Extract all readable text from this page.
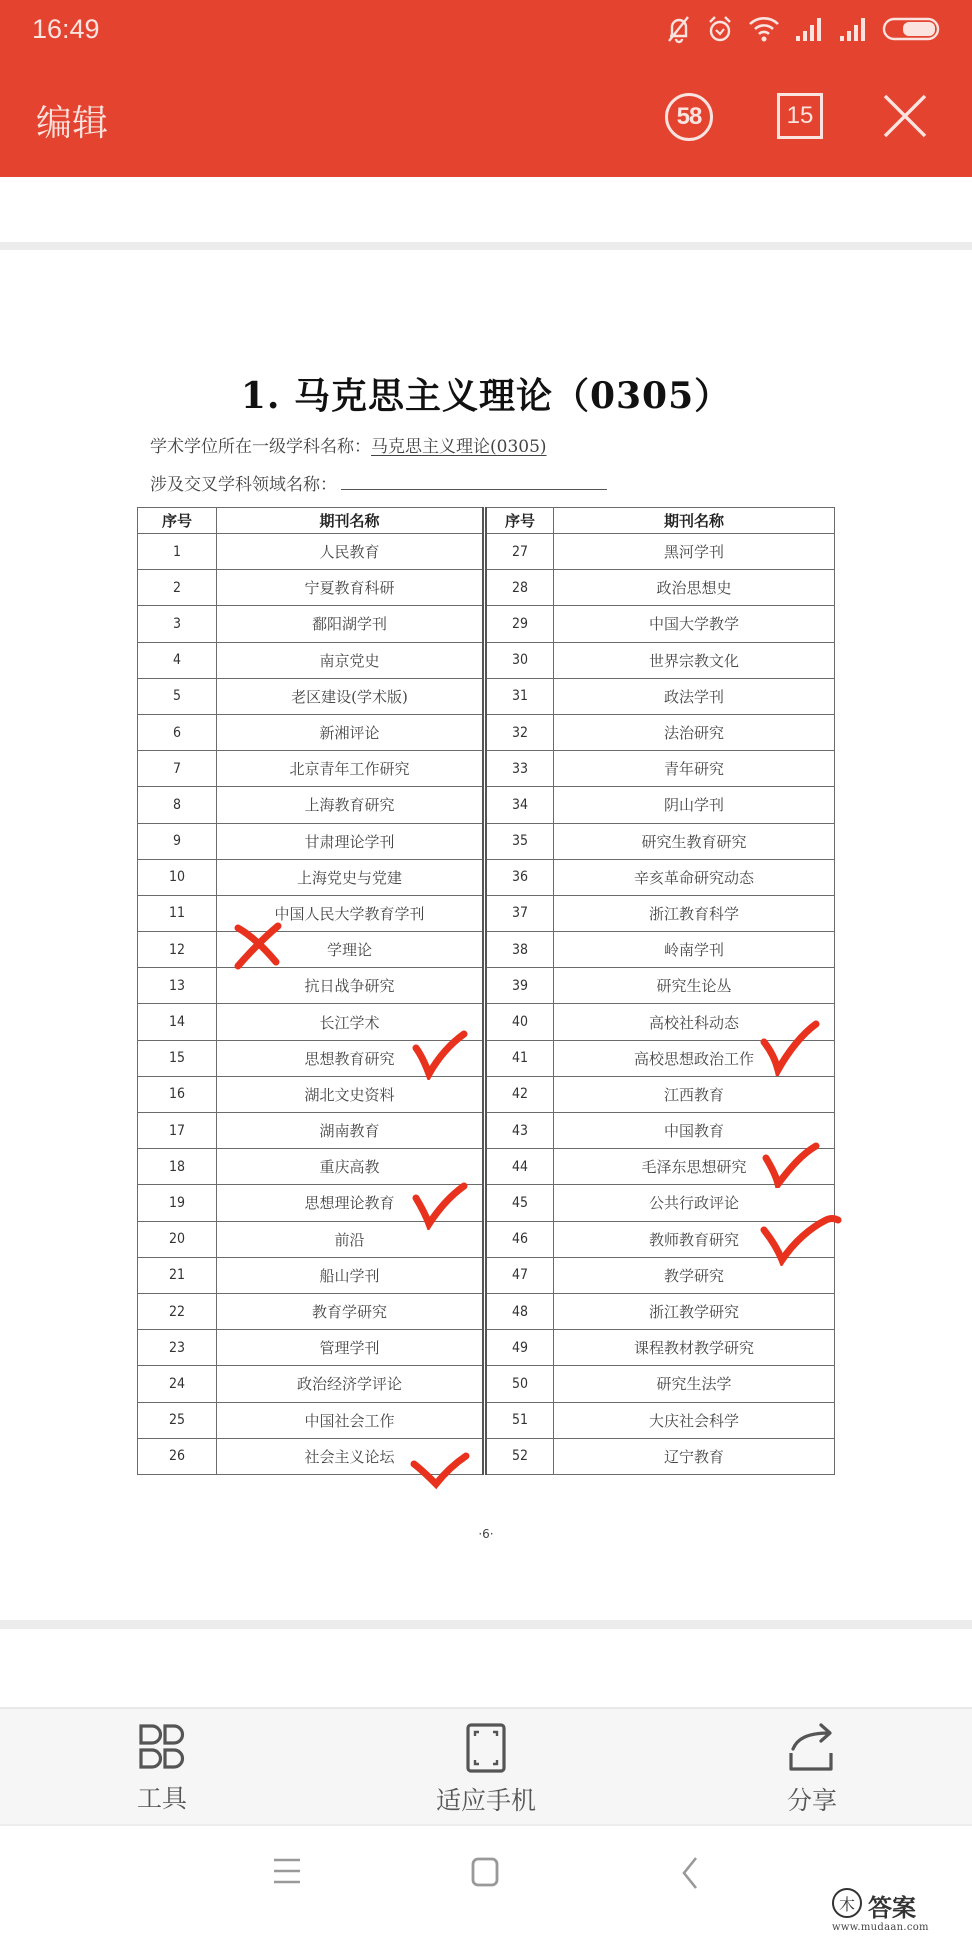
16:49
编辑	58	15
1. 马克思主义理论（0305）
学术学位所在一级学科名称：马克思主义理论(0305)
涉及交叉学科领域名称：
序号	期刊名称	序号	期刊名称
1	人民教育	27	黑河学刊
2	宁夏教育科研	28	政治思想史
3	鄱阳湖学刊	29	中国大学教学
4	南京党史	30	世界宗教文化
5	老区建设(学术版)	31	政法学刊
6	新湘评论	32	法治研究
7	北京青年工作研究	33	青年研究
8	上海教育研究	34	阴山学刊
9	甘肃理论学刊	35	研究生教育研究
10	上海党史与党建	36	辛亥革命研究动态
11	中国人民大学教育学刊	37	浙江教育科学
12	学理论	38	岭南学刊
13	抗日战争研究	39	研究生论丛
14	长江学术	40	高校社科动态
15	思想教育研究	41	高校思想政治工作
16	湖北文史资料	42	江西教育
17	湖南教育	43	中国教育
18	重庆高教	44	毛泽东思想研究
19	思想理论教育	45	公共行政评论
20	前沿	46	教师教育研究
21	船山学刊	47	教学研究
22	教育学研究	48	浙江教学研究
23	管理学刊	49	课程教材教学研究
24	政治经济学评论	50	研究生法学
25	中国社会工作	51	大庆社会科学
26	社会主义论坛	52	辽宁教育
·6·
工具	适应手机	分享
木 答案
www.mudaan.com
